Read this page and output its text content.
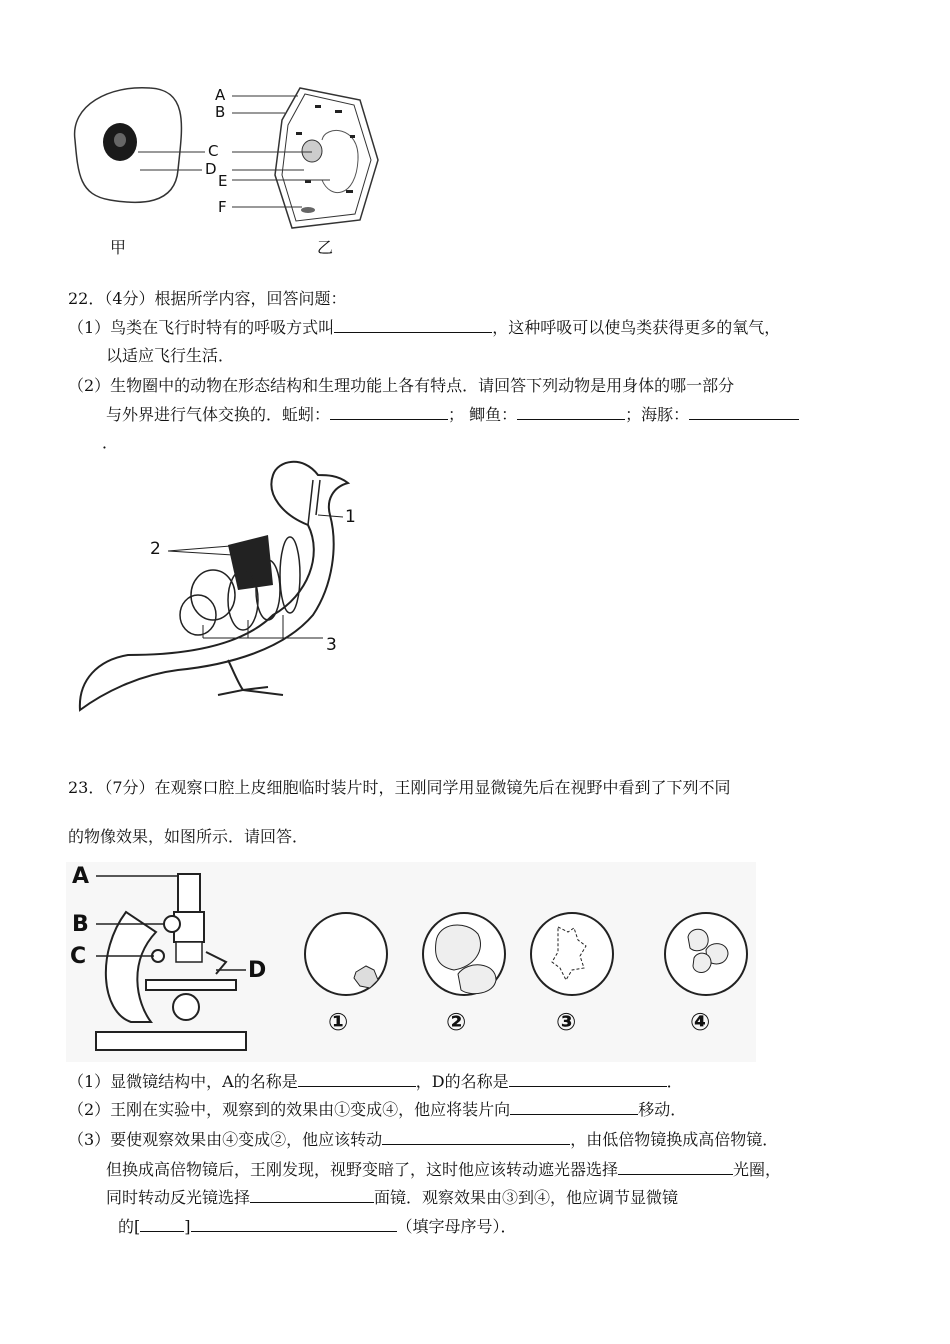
A
B
C
D
E
F
甲	乙
22．（4分）根据所学内容，回答问题：
（1）鸟类在飞行时特有的呼吸方式叫	，这种呼吸可以使鸟类获得更多的氧气，
以适应飞行生活．
（2）生物圈中的动物在形态结构和生理功能上各有特点．请回答下列动物是用身体的哪一部分
与外界进行气体交换的．蚯蚓：	； 鲫鱼：	；海豚：
．
1
2
3
23．（7分）在观察口腔上皮细胞临时装片时，王刚同学用显微镜先后在视野中看到了下列不同
的物像效果，如图所示．请回答．
A
B
C
D
①	②	③	④
（1）显微镜结构中，A的名称是	，D的名称是	．
（2）王刚在实验中，观察到的效果由①变成④，他应将装片向	移动．
（3）要使观察效果由④变成②，他应该转动	，由低倍物镜换成高倍物镜．
但换成高倍物镜后，王刚发现，视野变暗了，这时他应该转动遮光器选择	光圈，
同时转动反光镜选择	面镜．观察效果由③到④，他应调节显微镜
的[	]	（填字母序号）．
